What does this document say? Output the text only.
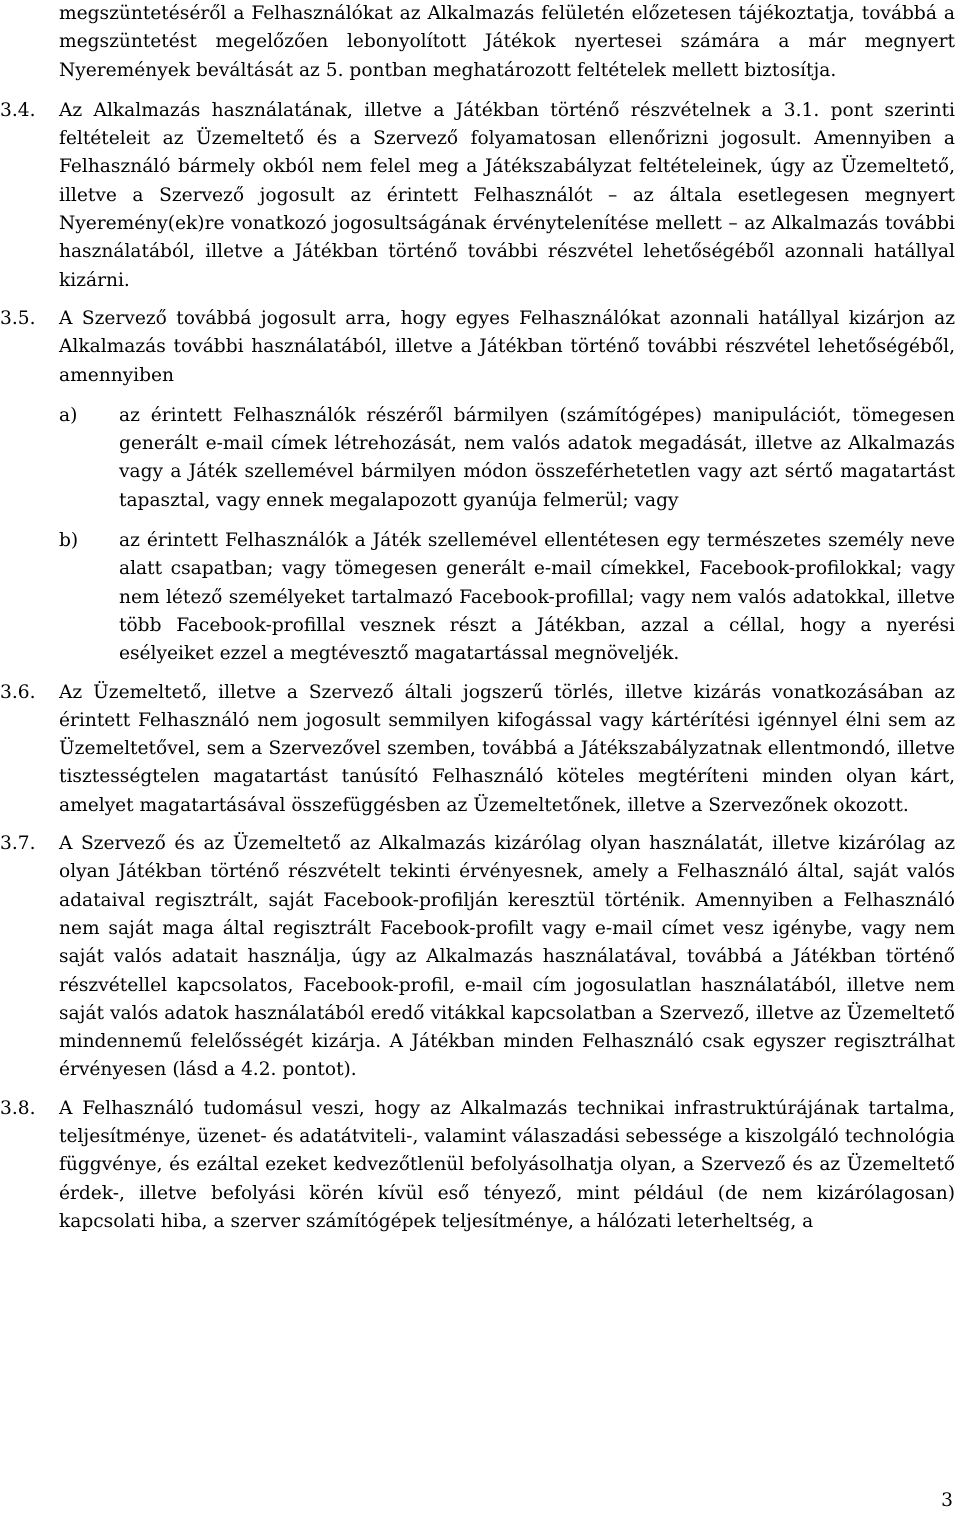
megszüntetéséről a Felhasználókat az Alkalmazás felületén előzetesen tájékoztatja, továbbá a megszüntetést megelőzően lebonyolított Játékok nyertesei számára a már megnyert Nyeremények beváltását az 5. pontban meghatározott feltételek mellett biztosítja.

3.4.	Az Alkalmazás használatának, illetve a Játékban történő részvételnek a 3.1. pont szerinti feltételeit az Üzemeltető és a Szervező folyamatosan ellenőrizni jogosult. Amennyiben a Felhasználó bármely okból nem felel meg a Játékszabályzat feltételeinek, úgy az Üzemeltető, illetve a Szervező jogosult az érintett Felhasználót – az általa esetlegesen megnyert Nyeremény(ek)re vonatkozó jogosultságának érvénytelenítése mellett – az Alkalmazás további használatából, illetve a Játékban történő további részvétel lehetőségéből azonnali hatállyal kizárni.
3.5.	A Szervező továbbá jogosult arra, hogy egyes Felhasználókat azonnali hatállyal kizárjon az Alkalmazás további használatából, illetve a Játékban történő további részvétel lehetőségéből, amennyiben
a)	az érintett Felhasználók részéről bármilyen (számítógépes) manipulációt, tömegesen generált e-mail címek létrehozását, nem valós adatok megadását, illetve az Alkalmazás vagy a Játék szellemével bármilyen módon összeférhetetlen vagy azt sértő magatartást tapasztal, vagy ennek megalapozott gyanúja felmerül; vagy
b)	az érintett Felhasználók a Játék szellemével ellentétesen egy természetes személy neve alatt csapatban; vagy tömegesen generált e-mail címekkel, Facebook-profilokkal; vagy nem létező személyeket tartalmazó Facebook-profillal; vagy nem valós adatokkal, illetve több Facebook-profillal vesznek részt a Játékban, azzal a céllal, hogy a nyerési esélyeiket ezzel a megtévesztő magatartással megnöveljék.
3.6.	Az Üzemeltető, illetve a Szervező általi jogszerű törlés, illetve kizárás vonatkozásában az érintett Felhasználó nem jogosult semmilyen kifogással vagy kártérítési igénnyel élni sem az Üzemeltetővel, sem a Szervezővel szemben, továbbá a Játékszabályzatnak ellentmondó, illetve tisztességtelen magatartást tanúsító Felhasználó köteles megtéríteni minden olyan kárt, amelyet magatartásával összefüggésben az Üzemeltetőnek, illetve a Szervezőnek okozott.
3.7.	A Szervező és az Üzemeltető az Alkalmazás kizárólag olyan használatát, illetve kizárólag az olyan Játékban történő részvételt tekinti érvényesnek, amely a Felhasználó által, saját valós adataival regisztrált, saját Facebook-profilján keresztül történik. Amennyiben a Felhasználó nem saját maga által regisztrált Facebook-profilt vagy e-mail címet vesz igénybe, vagy nem saját valós adatait használja, úgy az Alkalmazás használatával, továbbá a Játékban történő részvétellel kapcsolatos, Facebook-profil, e-mail cím jogosulatlan használatából, illetve nem saját valós adatok használatából eredő vitákkal kapcsolatban a Szervező, illetve az Üzemeltető mindennemű felelősségét kizárja. A Játékban minden Felhasználó csak egyszer regisztrálhat érvényesen (lásd a 4.2. pontot).
3.8.	A Felhasználó tudomásul veszi, hogy az Alkalmazás technikai infrastruktúrájának tartalma, teljesítménye, üzenet- és adatátviteli-, valamint válaszadási sebessége a kiszolgáló technológia függvénye, és ezáltal ezeket kedvezőtlenül befolyásolhatja olyan, a Szervező és az Üzemeltető érdek-, illetve befolyási körén kívül eső tényező, mint például (de nem kizárólagosan) kapcsolati hiba, a szerver számítógépek teljesítménye, a hálózati leterheltség, a
3
